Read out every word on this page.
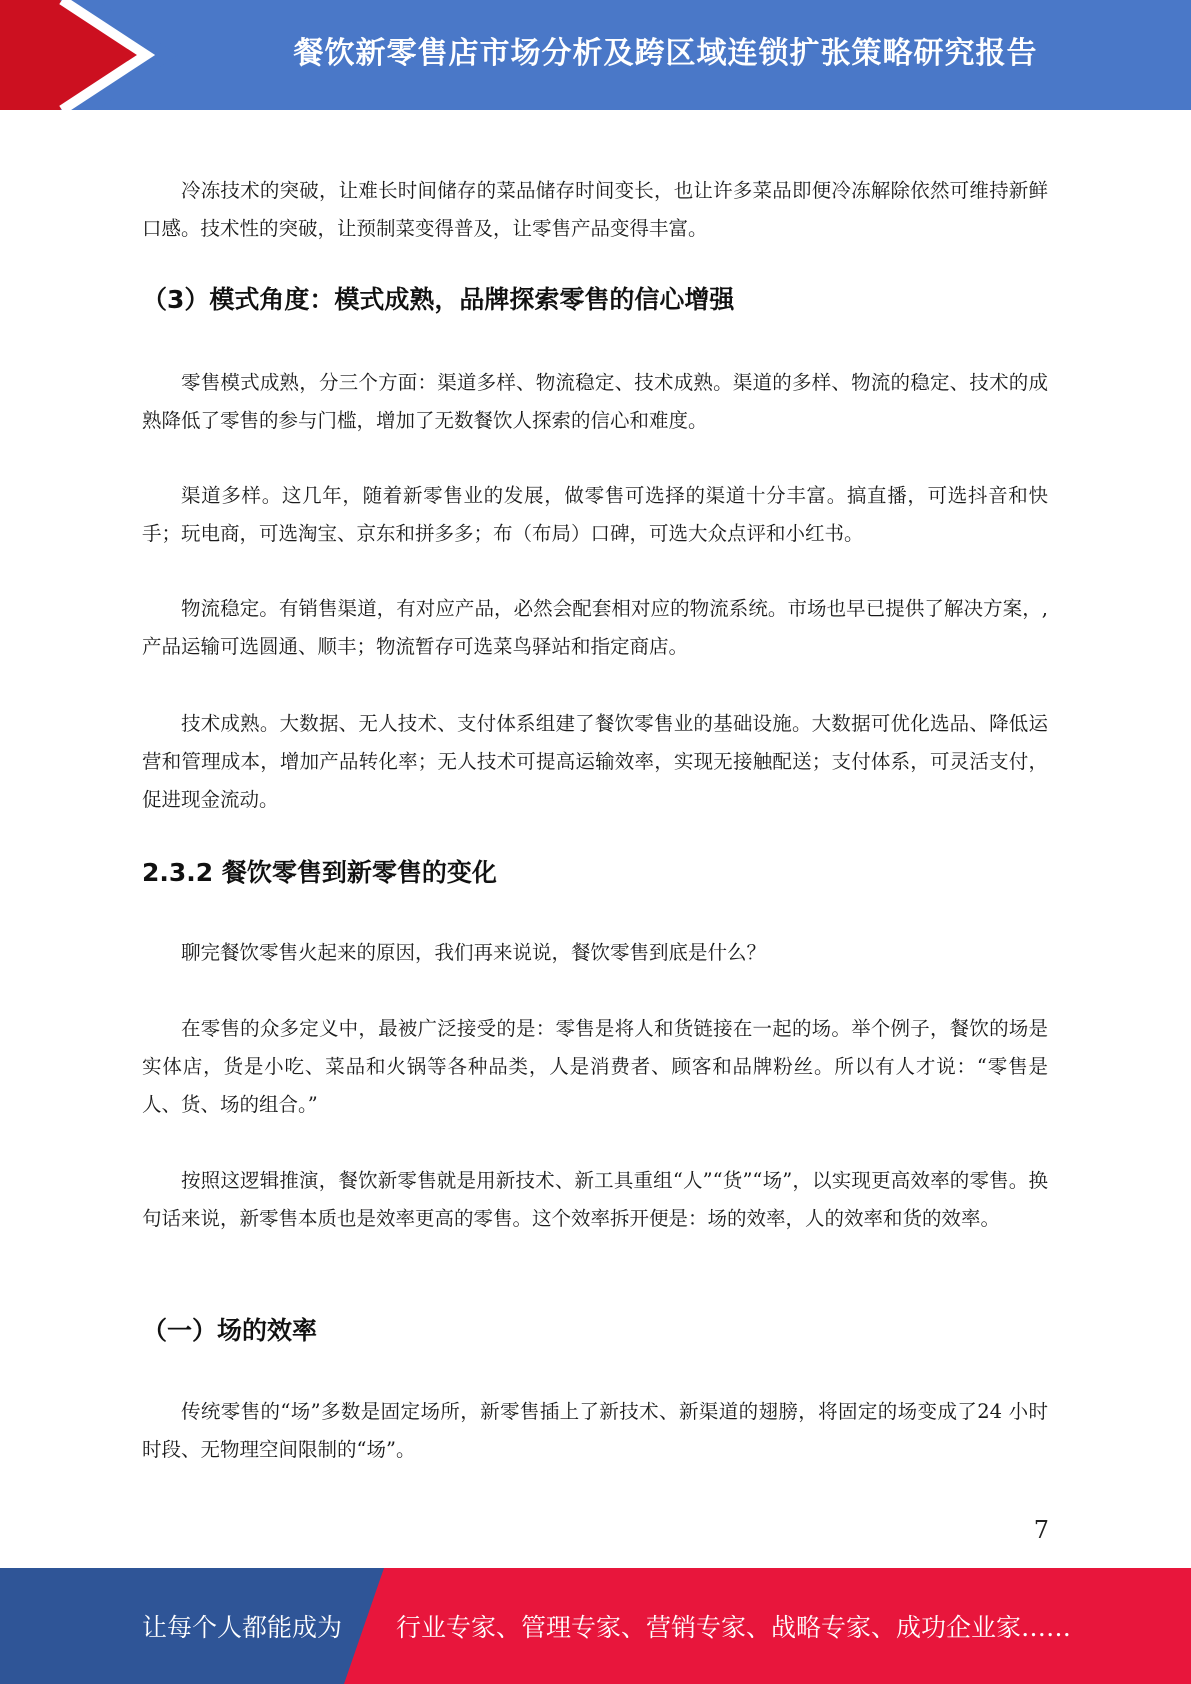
餐饮新零售店市场分析及跨区域连锁扩张策略研究报告

冷冻技术的突破，让难长时间储存的菜品储存时间变长，也让许多菜品即便冷冻解除依然可维持新鲜口感。技术性的突破，让预制菜变得普及，让零售产品变得丰富。

（3）模式角度：模式成熟，品牌探索零售的信心增强

零售模式成熟，分三个方面：渠道多样、物流稳定、技术成熟。渠道的多样、物流的稳定、技术的成熟降低了零售的参与门槛，增加了无数餐饮人探索的信心和难度。

渠道多样。这几年，随着新零售业的发展，做零售可选择的渠道十分丰富。搞直播，可选抖音和快手；玩电商，可选淘宝、京东和拼多多；布（布局）口碑，可选大众点评和小红书。

物流稳定。有销售渠道，有对应产品，必然会配套相对应的物流系统。市场也早已提供了解决方案，,产品运输可选圆通、顺丰；物流暂存可选菜鸟驿站和指定商店。

技术成熟。大数据、无人技术、支付体系组建了餐饮零售业的基础设施。大数据可优化选品、降低运营和管理成本，增加产品转化率；无人技术可提高运输效率，实现无接触配送；支付体系，可灵活支付，促进现金流动。

2.3.2 餐饮零售到新零售的变化

聊完餐饮零售火起来的原因，我们再来说说，餐饮零售到底是什么？

在零售的众多定义中，最被广泛接受的是：零售是将人和货链接在一起的场。举个例子，餐饮的场是实体店，货是小吃、菜品和火锅等各种品类，人是消费者、顾客和品牌粉丝。所以有人才说：“零售是人、货、场的组合。”

按照这逻辑推演，餐饮新零售就是用新技术、新工具重组“人”“货”“场”，以实现更高效率的零售。换句话来说，新零售本质也是效率更高的零售。这个效率拆开便是：场的效率，人的效率和货的效率。

（一）场的效率

传统零售的“场”多数是固定场所，新零售插上了新技术、新渠道的翅膀，将固定的场变成了24 小时时段、无物理空间限制的“场”。

7
让每个人都能成为 行业专家、管理专家、营销专家、战略专家、成功企业家……
